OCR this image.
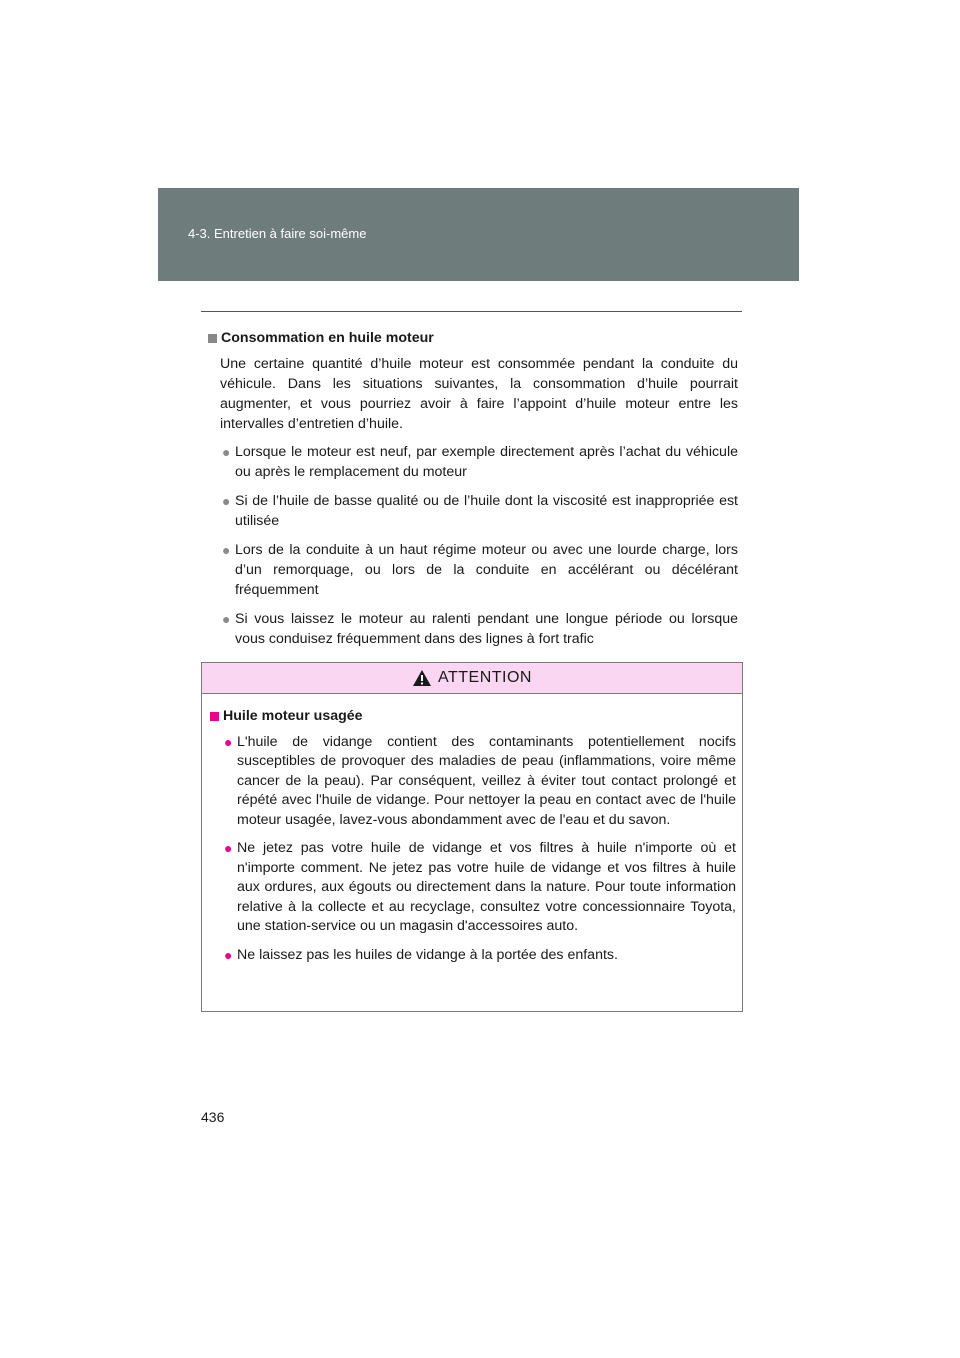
4-3. Entretien à faire soi-même
Consommation en huile moteur

Une certaine quantité d’huile moteur est consommée pendant la conduite du véhicule. Dans les situations suivantes, la consommation d’huile pourrait augmenter, et vous pourriez avoir à faire l’appoint d’huile moteur entre les intervalles d’entretien d’huile.

● Lorsque le moteur est neuf, par exemple directement après l’achat du véhicule ou après le remplacement du moteur
● Si de l’huile de basse qualité ou de l’huile dont la viscosité est inappropriée est utilisée
● Lors de la conduite à un haut régime moteur ou avec une lourde charge, lors d’un remorquage, ou lors de la conduite en accélérant ou décélérant fréquemment
● Si vous laissez le moteur au ralenti pendant une longue période ou lorsque vous conduisez fréquemment dans des lignes à fort trafic
ATTENTION
Huile moteur usagée
● L'huile de vidange contient des contaminants potentiellement nocifs susceptibles de provoquer des maladies de peau (inflammations, voire même cancer de la peau). Par conséquent, veillez à éviter tout contact prolongé et répété avec l'huile de vidange. Pour nettoyer la peau en contact avec de l'huile moteur usagée, lavez-vous abondamment avec de l'eau et du savon.
● Ne jetez pas votre huile de vidange et vos filtres à huile n'importe où et n'importe comment. Ne jetez pas votre huile de vidange et vos filtres à huile aux ordures, aux égouts ou directement dans la nature. Pour toute information relative à la collecte et au recyclage, consultez votre concessionnaire Toyota, une station-service ou un magasin d'accessoires auto.
● Ne laissez pas les huiles de vidange à la portée des enfants.
436
